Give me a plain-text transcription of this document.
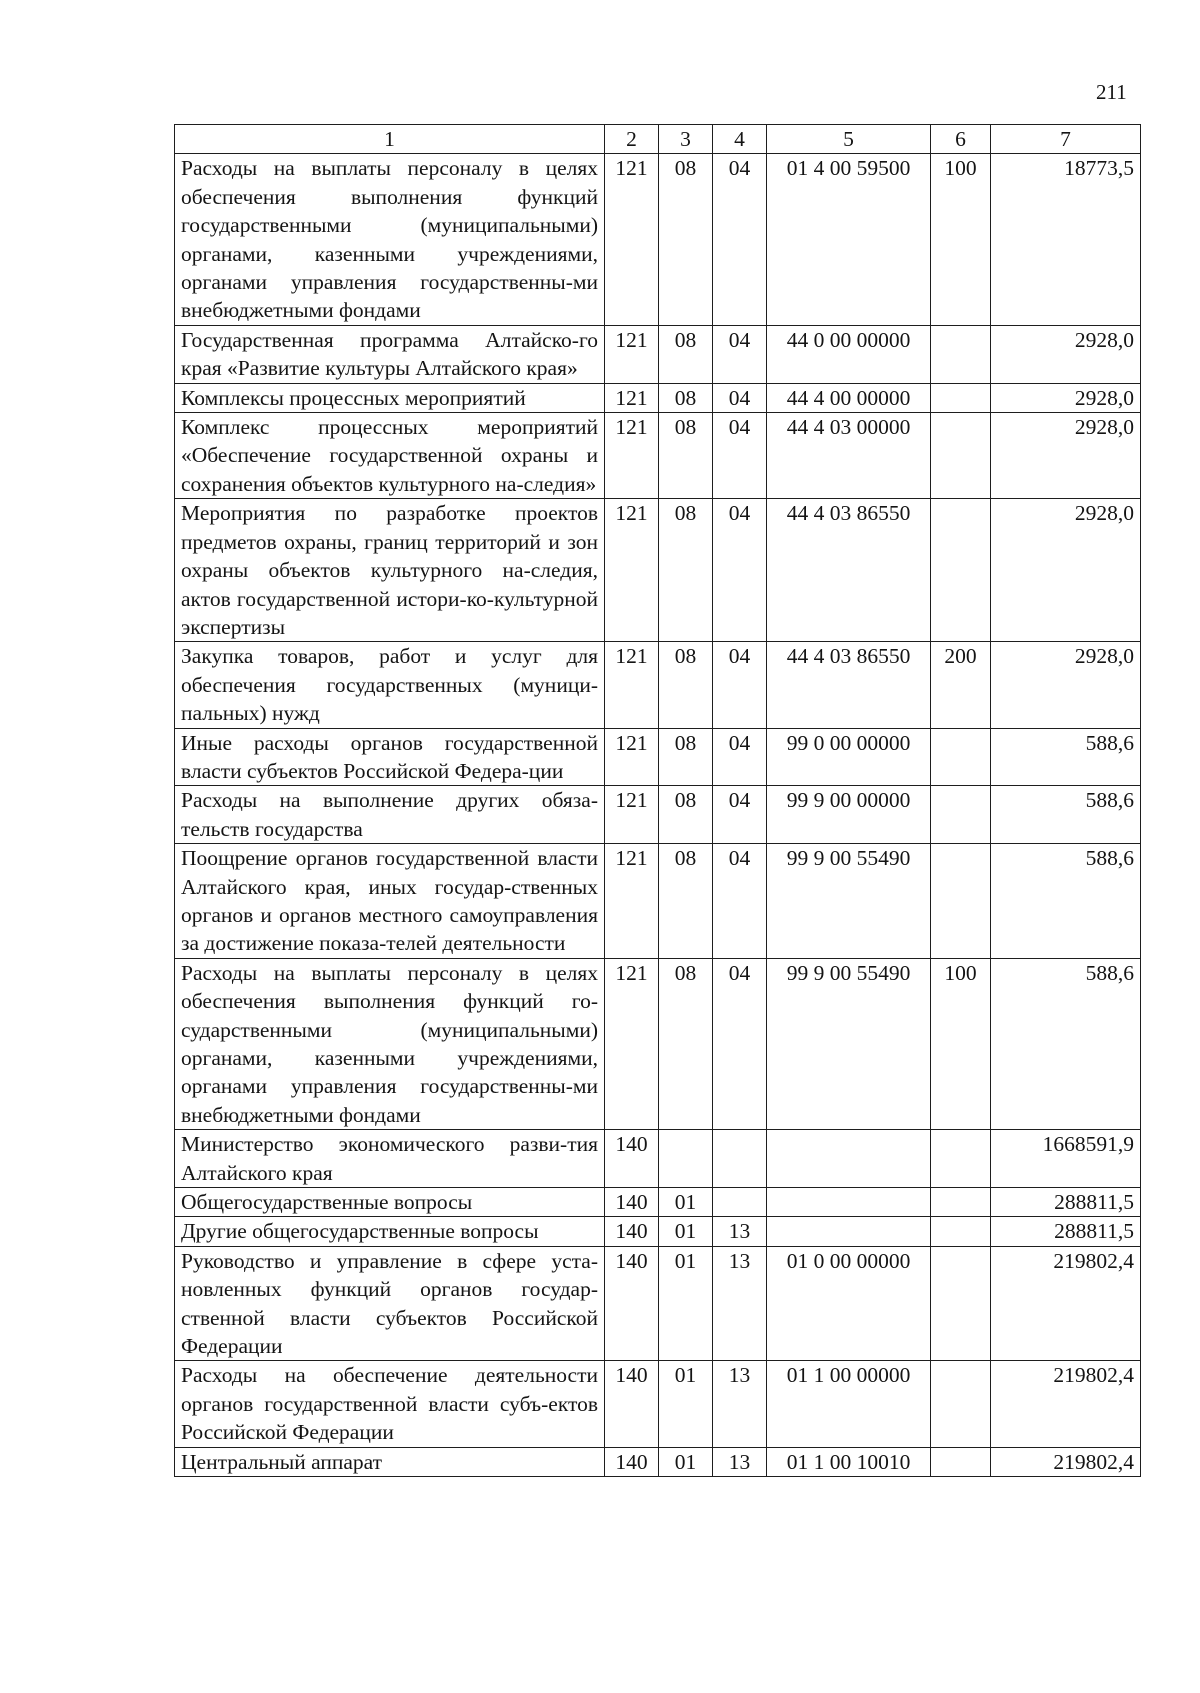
211
1	2	3	4	5	6	7
Расходы на выплаты персоналу в целях обеспечения выполнения функций государственными (муниципальными) органами, казенными учреждениями, органами управления государственны-ми внебюджетными фондами	121	08	04	01 4 00 59500	100	18773,5
Государственная программа Алтайско-го края «Развитие культуры Алтайского края»	121	08	04	44 0 00 00000		2928,0
Комплексы процессных мероприятий	121	08	04	44 4 00 00000		2928,0
Комплекс процессных мероприятий «Обеспечение государственной охраны и сохранения объектов культурного на-следия»	121	08	04	44 4 03 00000		2928,0
Мероприятия по разработке проектов предметов охраны, границ территорий и зон охраны объектов культурного на-следия, актов государственной истори-ко-культурной экспертизы	121	08	04	44 4 03 86550		2928,0
Закупка товаров, работ и услуг для обеспечения государственных (муници-пальных) нужд	121	08	04	44 4 03 86550	200	2928,0
Иные расходы органов государственной власти субъектов Российской Федера-ции	121	08	04	99 0 00 00000		588,6
Расходы на выполнение других обяза-тельств государства	121	08	04	99 9 00 00000		588,6
Поощрение органов государственной власти Алтайского края, иных государ-ственных органов и органов местного самоуправления за достижение показа-телей деятельности	121	08	04	99 9 00 55490		588,6
Расходы на выплаты персоналу в целях обеспечения выполнения функций го-сударственными (муниципальными) органами, казенными учреждениями, органами управления государственны-ми внебюджетными фондами	121	08	04	99 9 00 55490	100	588,6
Министерство экономического разви-тия Алтайского края	140					1668591,9
Общегосударственные вопросы	140	01				288811,5
Другие общегосударственные вопросы	140	01	13			288811,5
Руководство и управление в сфере уста-новленных функций органов государ-ственной власти субъектов Российской Федерации	140	01	13	01 0 00 00000		219802,4
Расходы на обеспечение деятельности органов государственной власти субъ-ектов Российской Федерации	140	01	13	01 1 00 00000		219802,4
Центральный аппарат	140	01	13	01 1 00 10010		219802,4
